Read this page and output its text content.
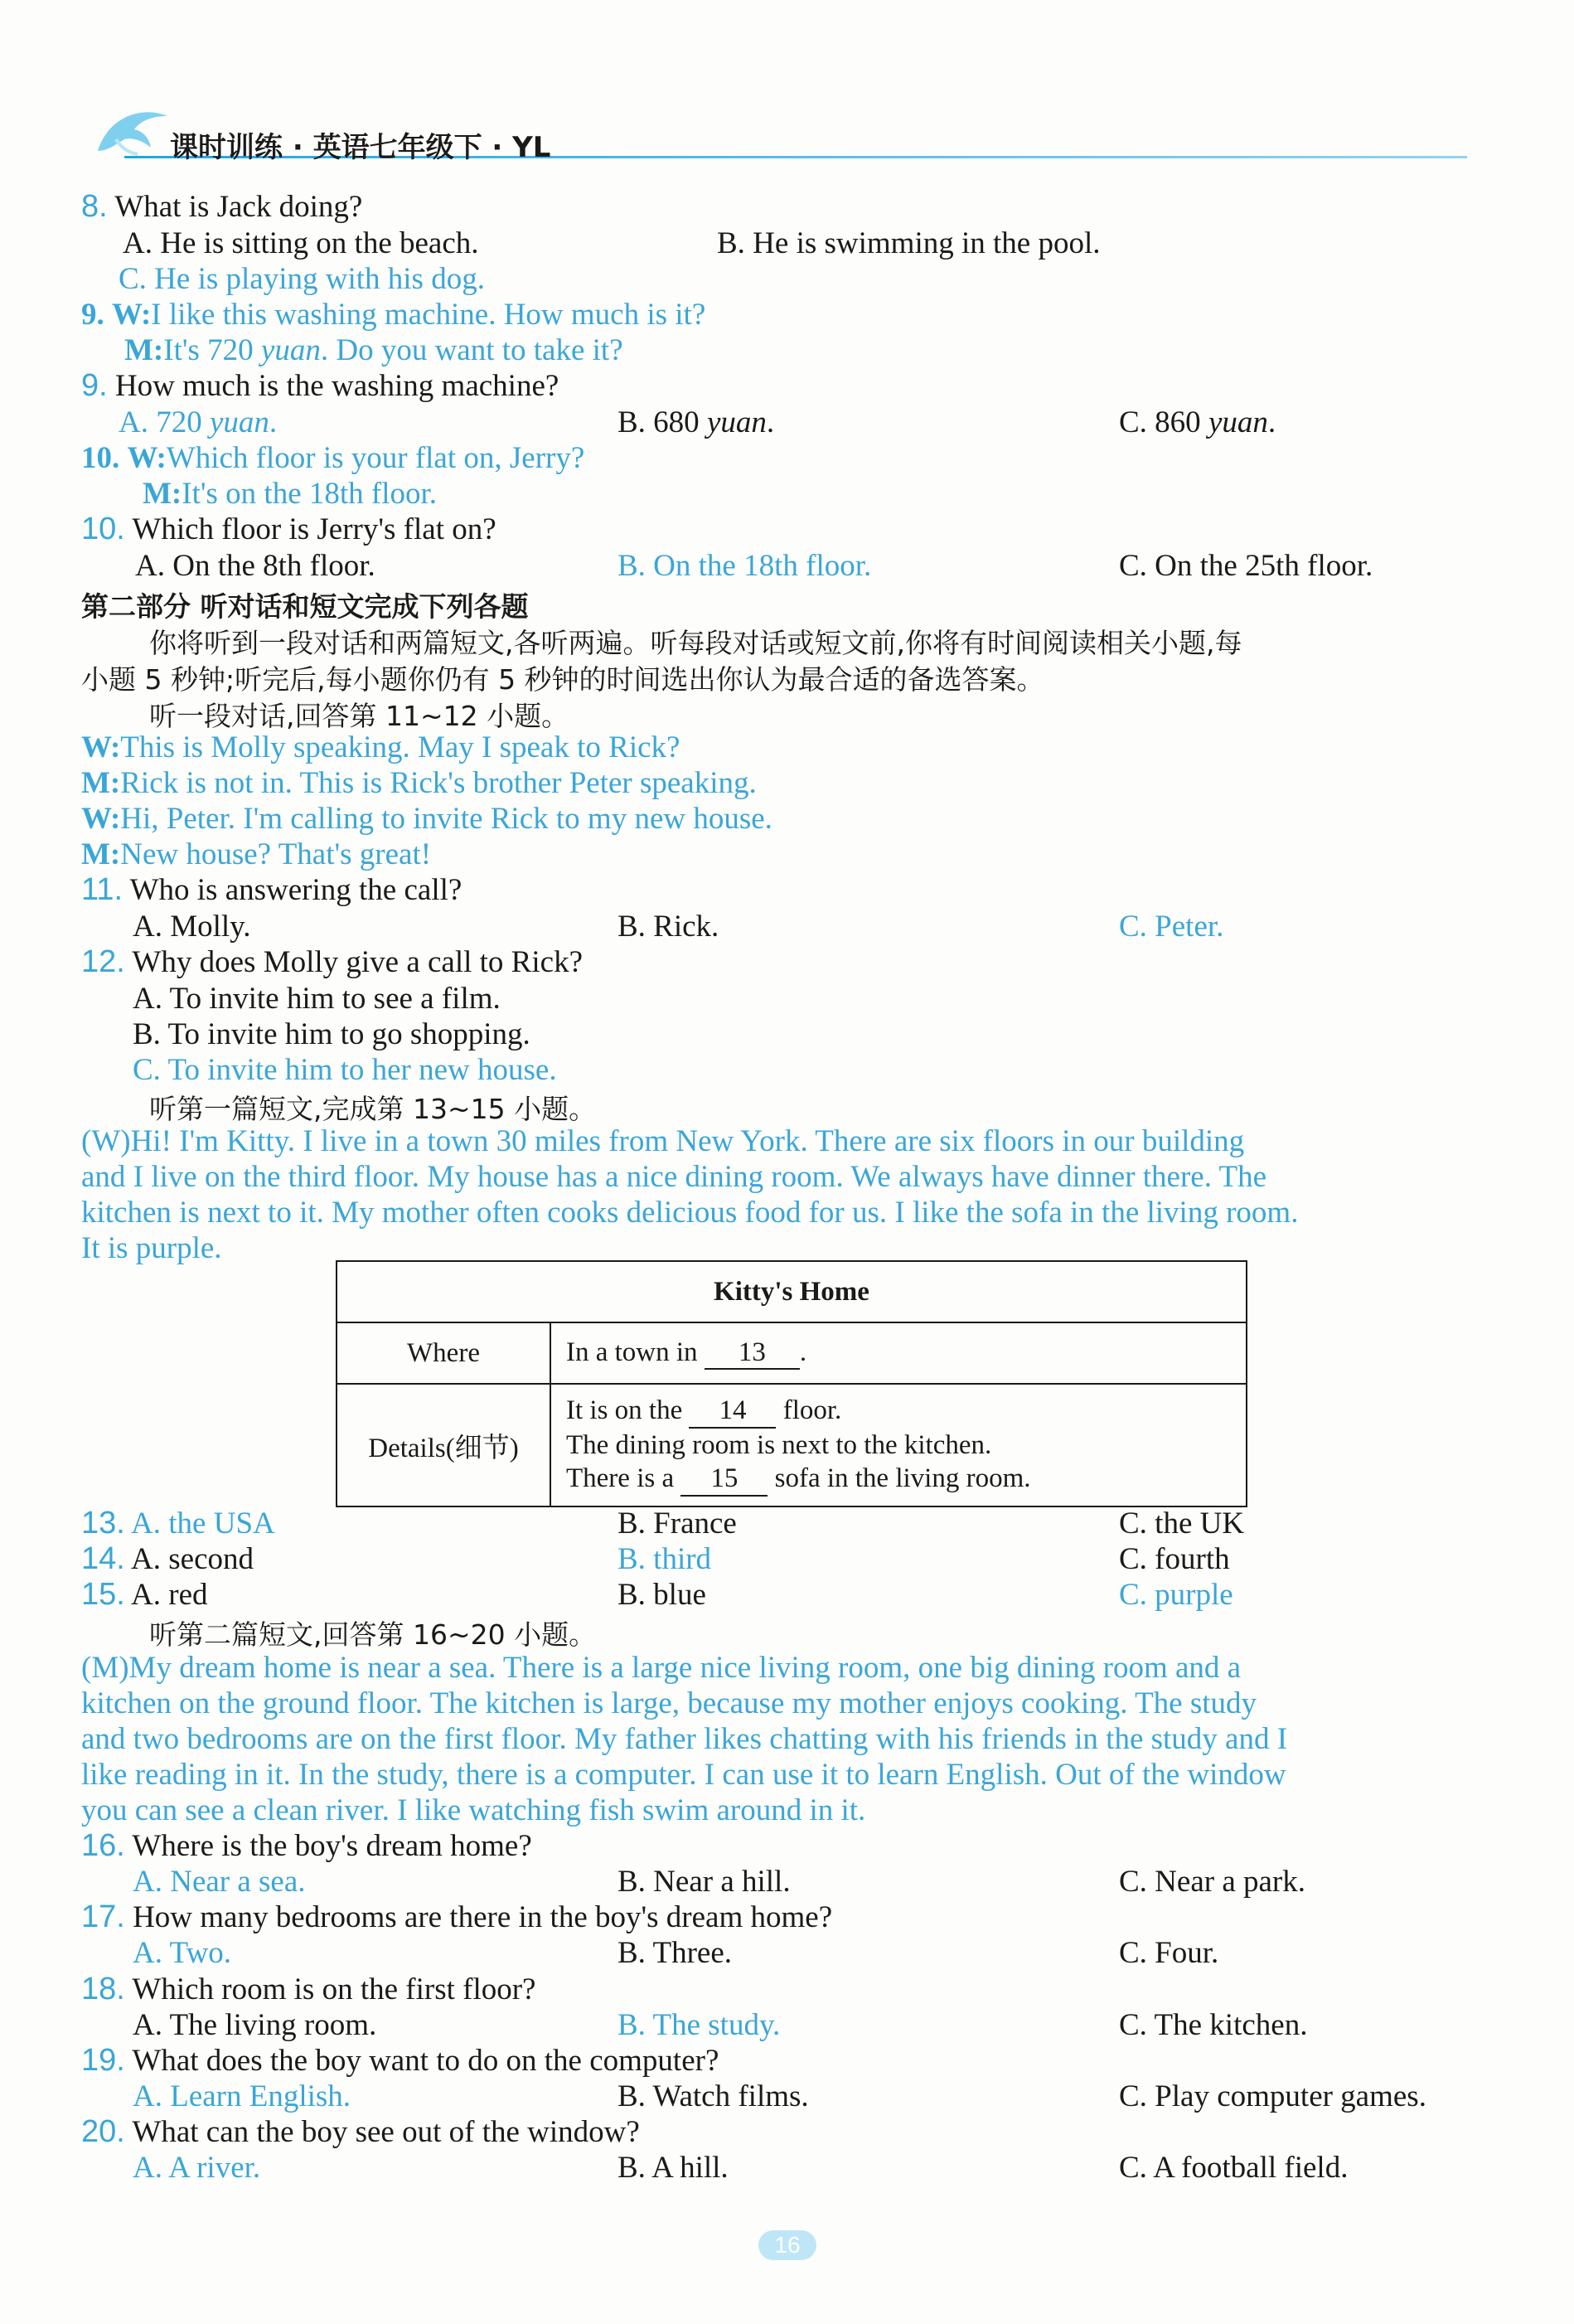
课时训练 · 英语七年级下 · YL
8. What is Jack doing?
A. He is sitting on the beach.	B. He is swimming in the pool.
C. He is playing with his dog.
9. W:I like this washing machine. How much is it?
M:It's 720 yuan. Do you want to take it?
9. How much is the washing machine?
A. 720 yuan.	B. 680 yuan.	C. 860 yuan.
10. W:Which floor is your flat on, Jerry?
M:It's on the 18th floor.
10. Which floor is Jerry's flat on?
A. On the 8th floor.	B. On the 18th floor.	C. On the 25th floor.
第二部分 听对话和短文完成下列各题
你将听到一段对话和两篇短文,各听两遍。听每段对话或短文前,你将有时间阅读相关小题,每
小题 5 秒钟;听完后,每小题你仍有 5 秒钟的时间选出你认为最合适的备选答案。
听一段对话,回答第 11~12 小题。
W:This is Molly speaking. May I speak to Rick?
M:Rick is not in. This is Rick's brother Peter speaking.
W:Hi, Peter. I'm calling to invite Rick to my new house.
M:New house? That's great!
11. Who is answering the call?
A. Molly.	B. Rick.	C. Peter.
12. Why does Molly give a call to Rick?
A. To invite him to see a film.
B. To invite him to go shopping.
C. To invite him to her new house.
听第一篇短文,完成第 13~15 小题。
(W)Hi! I'm Kitty. I live in a town 30 miles from New York. There are six floors in our building
and I live on the third floor. My house has a nice dining room. We always have dinner there. The
kitchen is next to it. My mother often cooks delicious food for us. I like the sofa in the living room.
It is purple.
Kitty's Home	
Where	In a town in 13 .
Details(细节)	It is on the 14 floor.
The dining room is next to the kitchen.
There is a 15 sofa in the living room.
13. A. the USA	B. France	C. the UK
14. A. second	B. third	C. fourth
15. A. red	B. blue	C. purple
听第二篇短文,回答第 16~20 小题。
(M)My dream home is near a sea. There is a large nice living room, one big dining room and a
kitchen on the ground floor. The kitchen is large, because my mother enjoys cooking. The study
and two bedrooms are on the first floor. My father likes chatting with his friends in the study and I
like reading in it. In the study, there is a computer. I can use it to learn English. Out of the window
you can see a clean river. I like watching fish swim around in it.
16. Where is the boy's dream home?
A. Near a sea.	B. Near a hill.	C. Near a park.
17. How many bedrooms are there in the boy's dream home?
A. Two.	B. Three.	C. Four.
18. Which room is on the first floor?
A. The living room.	B. The study.	C. The kitchen.
19. What does the boy want to do on the computer?
A. Learn English.	B. Watch films.	C. Play computer games.
20. What can the boy see out of the window?
A. A river.	B. A hill.	C. A football field.
16
